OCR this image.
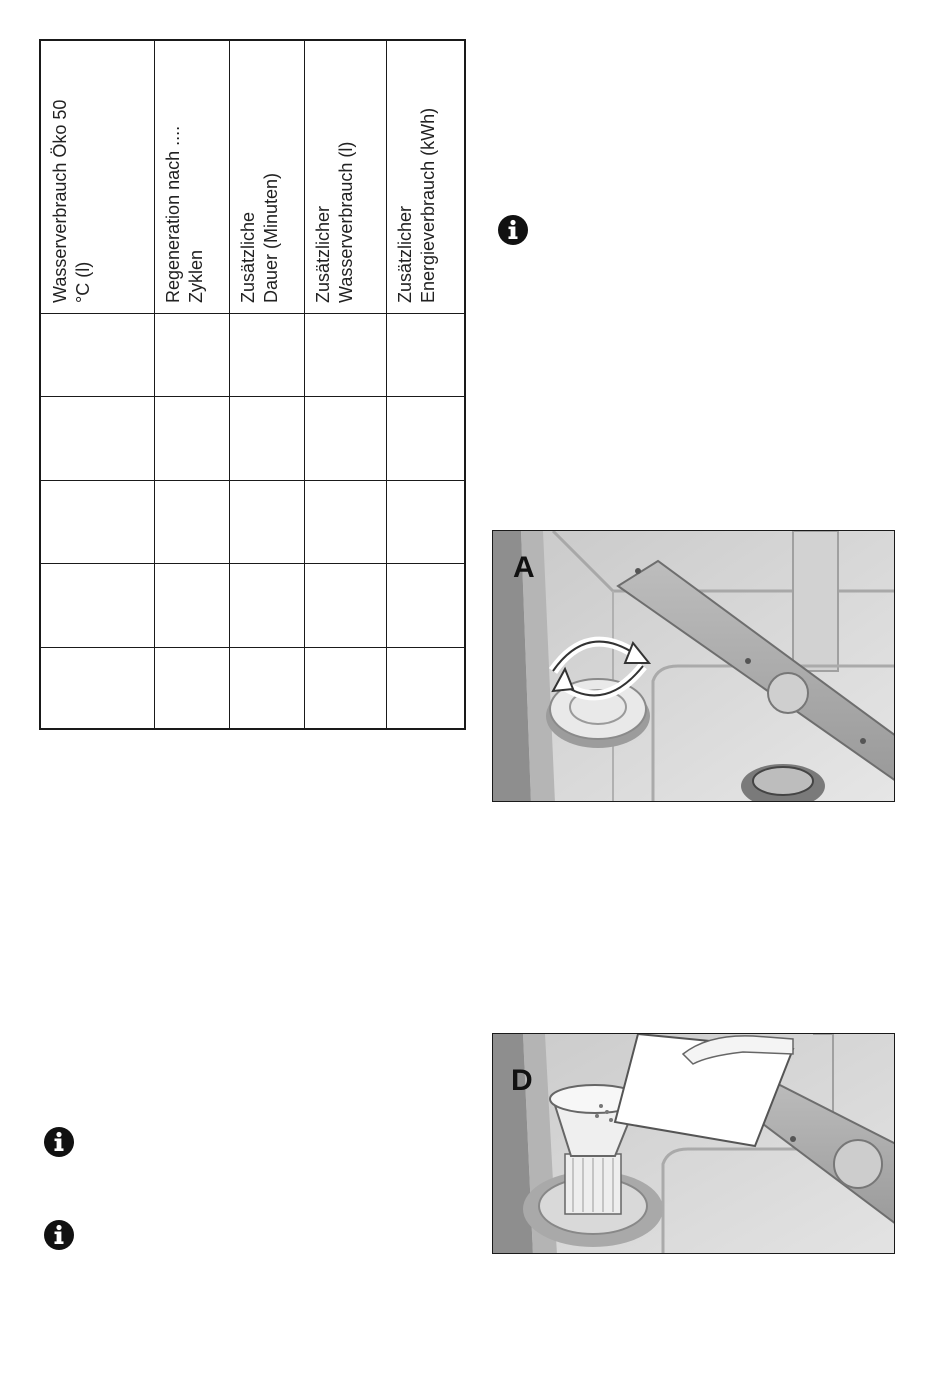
Wasserverbrauch Öko 50 °C (l)	Regeneration nach .... Zyklen Zusätzliche Dauer (Minuten) Zusätzlicher Wasserverbrauch (l) Zusätzlicher Energieverbrauch (kWh)
A
D
